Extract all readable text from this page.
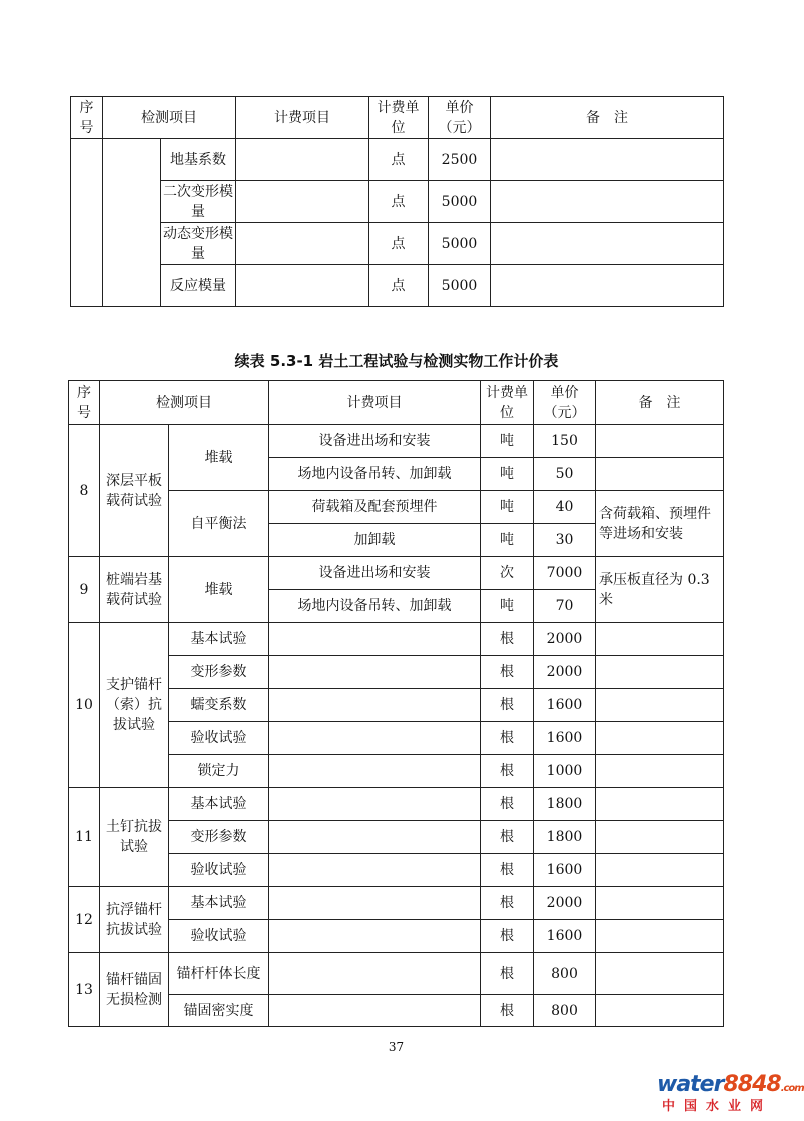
序号	检测项目		计费项目	计费单位	单价（元）	备　注
		地基系数		点	2500	
		二次变形模量		点	5000	
		动态变形模量		点	5000	
		反应模量		点	5000	
续表 5.3-1 岩土工程试验与检测实物工作计价表
序号	检测项目		计费项目	计费单位	单价（元）	备　注
8	深层平板载荷试验	堆载	设备进出场和安装	吨	150	
			场地内设备吊转、加卸载	吨	50	
		自平衡法	荷载箱及配套预埋件	吨	40	含荷载箱、预埋件等进场和安装
			加卸载	吨	30	
9	桩端岩基载荷试验	堆载	设备进出场和安装	次	7000	承压板直径为 0.3米
			场地内设备吊转、加卸载	吨	70	
10	支护锚杆（索）抗拔试验	基本试验		根	2000	
		变形参数		根	2000	
		蠕变系数		根	1600	
		验收试验		根	1600	
		锁定力		根	1000	
11	土钉抗拔试验	基本试验		根	1800	
		变形参数		根	1800	
		验收试验		根	1600	
12	抗浮锚杆抗拔试验	基本试验		根	2000	
		验收试验		根	1600	
13	锚杆锚固无损检测	锚杆杆体长度		根	800	
		锚固密实度		根	800	
37
water8848.com
中国水业网
